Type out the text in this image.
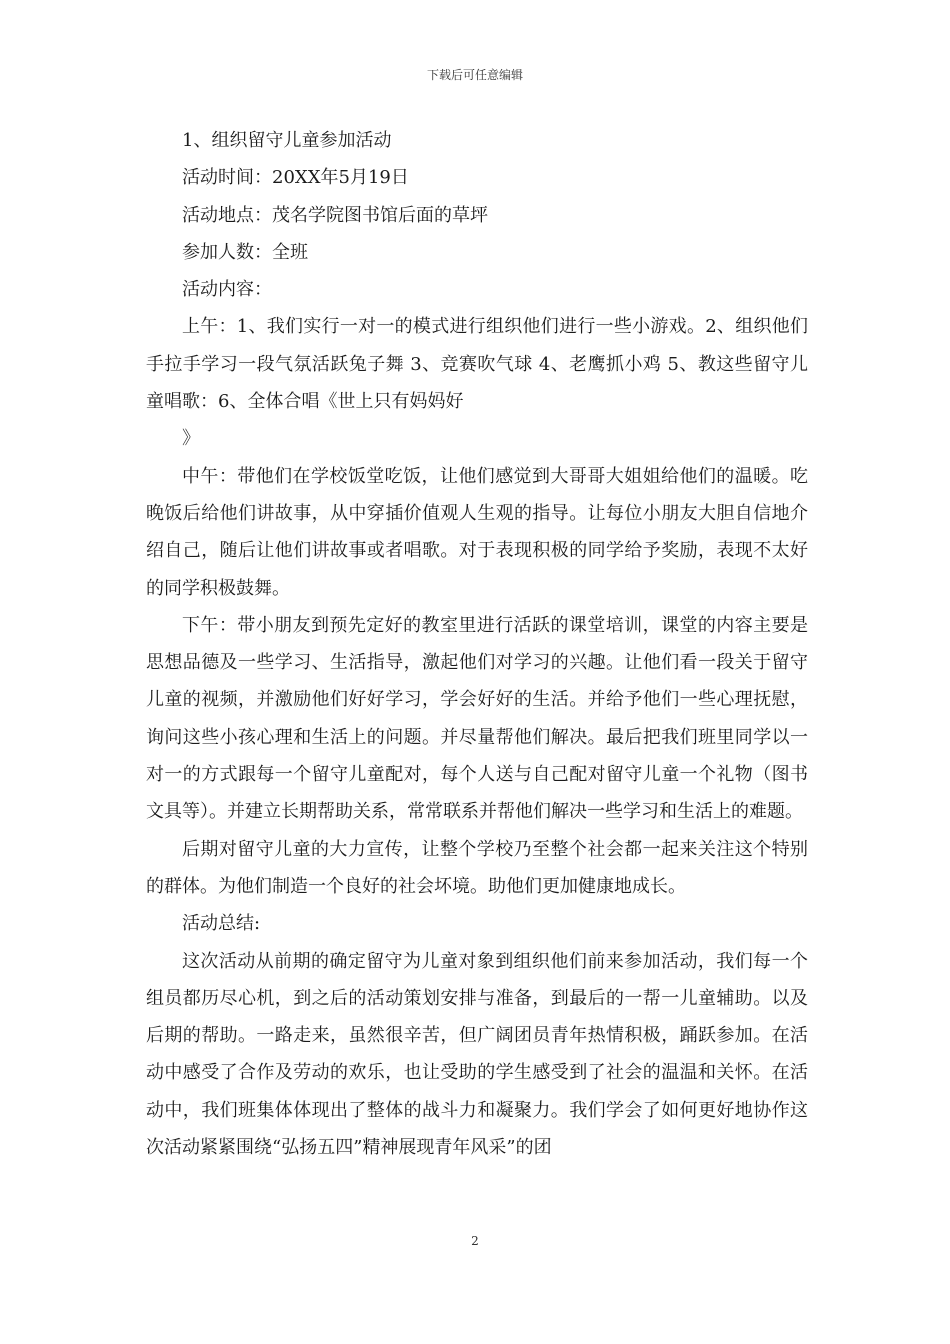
下载后可任意编辑

1、组织留守儿童参加活动

活动时间：20XX年5月19日

活动地点：茂名学院图书馆后面的草坪

参加人数：全班

活动内容：

上午：1、我们实行一对一的模式进行组织他们进行一些小游戏。2、组织他们手拉手学习一段气氛活跃兔子舞 3、竞赛吹气球 4、老鹰抓小鸡 5、教这些留守儿童唱歌：6、全体合唱《世上只有妈妈好

》

中午：带他们在学校饭堂吃饭，让他们感觉到大哥哥大姐姐给他们的温暖。吃晚饭后给他们讲故事，从中穿插价值观人生观的指导。让每位小朋友大胆自信地介绍自己，随后让他们讲故事或者唱歌。对于表现积极的同学给予奖励，表现不太好的同学积极鼓舞。

下午：带小朋友到预先定好的教室里进行活跃的课堂培训，课堂的内容主要是思想品德及一些学习、生活指导，激起他们对学习的兴趣。让他们看一段关于留守儿童的视频，并激励他们好好学习，学会好好的生活。并给予他们一些心理抚慰，询问这些小孩心理和生活上的问题。并尽量帮他们解决。最后把我们班里同学以一对一的方式跟每一个留守儿童配对，每个人送与自己配对留守儿童一个礼物（图书文具等）。并建立长期帮助关系，常常联系并帮他们解决一些学习和生活上的难题。

后期对留守儿童的大力宣传，让整个学校乃至整个社会都一起来关注这个特别的群体。为他们制造一个良好的社会坏境。助他们更加健康地成长。

活动总结:

这次活动从前期的确定留守为儿童对象到组织他们前来参加活动，我们每一个组员都历尽心机，到之后的活动策划安排与准备，到最后的一帮一儿童辅助。以及后期的帮助。一路走来，虽然很辛苦，但广阔团员青年热情积极，踊跃参加。在活动中感受了合作及劳动的欢乐，也让受助的学生感受到了社会的温温和关怀。在活动中，我们班集体体现出了整体的战斗力和凝聚力。我们学会了如何更好地协作这次活动紧紧围绕“弘扬五四”精神展现青年风采”的团

2
